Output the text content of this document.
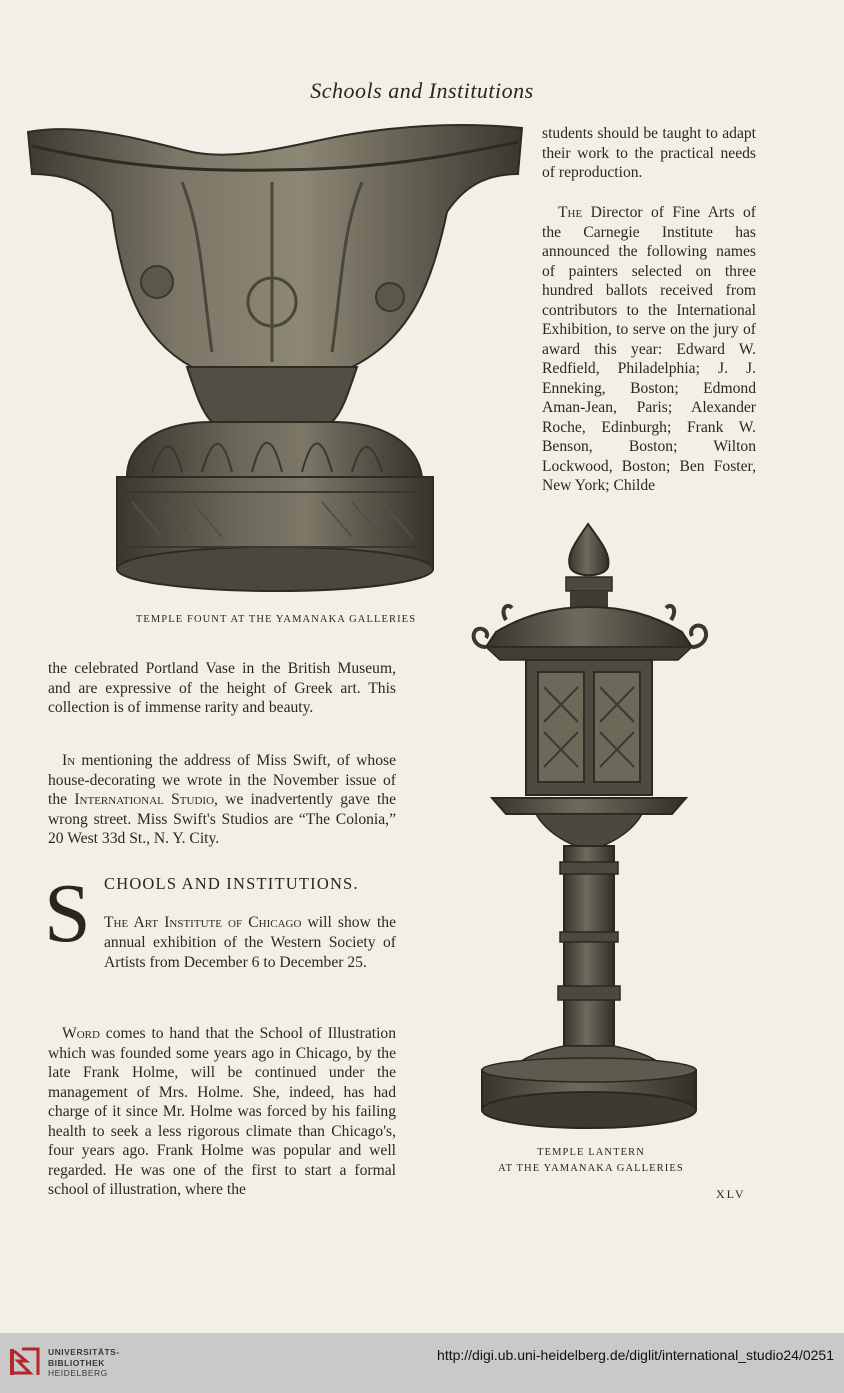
Schools and Institutions

students should be taught to adapt their work to the practical needs of reproduction.

The Director of Fine Arts of the Carnegie Institute has announced the following names of painters selected on three hundred ballots received from contributors to the International Exhibition, to serve on the jury of award this year: Edward W. Redfield, Philadelphia; J. J. Enneking, Boston; Edmond Aman-Jean, Paris; Alexander Roche, Edinburgh; Frank W. Benson, Boston; Wilton Lockwood, Boston; Ben Foster, New York; Childe

TEMPLE FOUNT AT THE YAMANAKA GALLERIES

the celebrated Portland Vase in the British Museum, and are expressive of the height of Greek art. This collection is of immense rarity and beauty.

In mentioning the address of Miss Swift, of whose house-decorating we wrote in the November issue of the International Studio, we inadvertently gave the wrong street. Miss Swift's Studios are “The Colonia,” 20 West 33d St., N. Y. City.

S CHOOLS AND INSTITUTIONS.

The Art Institute of Chicago will show the annual exhibition of the Western Society of Artists from December 6 to December 25.

Word comes to hand that the School of Illustration which was founded some years ago in Chicago, by the late Frank Holme, will be continued under the management of Mrs. Holme. She, indeed, has had charge of it since Mr. Holme was forced by his failing health to seek a less rigorous climate than Chicago's, four years ago. Frank Holme was popular and well regarded. He was one of the first to start a formal school of illustration, where the

TEMPLE LANTERN
AT THE YAMANAKA GALLERIES
XLV
UNIVERSITÄTS-
BIBLIOTHEK
HEIDELBERG
http://digi.ub.uni-heidelberg.de/diglit/international_studio24/0251
